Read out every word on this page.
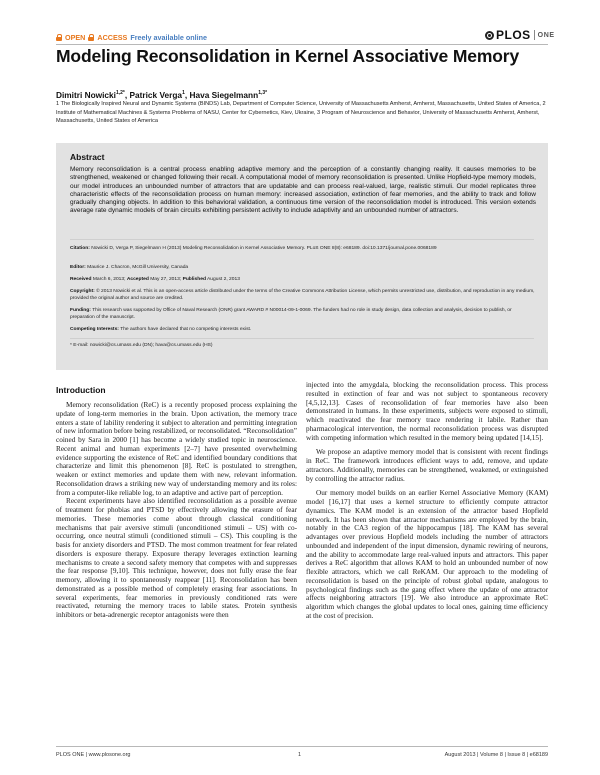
OPEN ACCESS Freely available online	PLOS ONE
Modeling Reconsolidation in Kernel Associative Memory
Dimitri Nowicki$^{1,2*}$, Patrick Verga$^1$, Hava Siegelmann$^{1,3*}$

1 The Biologically Inspired Neural and Dynamic Systems (BINDS) Lab, Department of Computer Science, University of Massachusetts Amherst, Amherst, Massachusetts, United States of America, 2 Institute of Mathematical Machines & Systems Problems of NASU, Center for Cybernetics, Kiev, Ukraine, 3 Program of Neuroscience and Behavior, University of Massachusetts Amherst, Amherst, Massachusetts, United States of America

Abstract

Memory reconsolidation is a central process enabling adaptive memory and the perception of a constantly changing reality. It causes memories to be strengthened, weakened or changed following their recall. A computational model of memory reconsolidation is presented. Unlike Hopfield-type memory models, our model introduces an unbounded number of attractors that are updatable and can process real-valued, large, realistic stimuli. Our model replicates three characteristic effects of the reconsolidation process on human memory: increased association, extinction of fear memories, and the ability to track and follow gradually changing objects. In addition to this behavioral validation, a continuous time version of the reconsolidation model is introduced. This version extends average rate dynamic models of brain circuits exhibiting persistent activity to include adaptivity and an unbounded number of attractors.

Citation: Nowicki D, Verga P, Siegelmann H (2013) Modeling Reconsolidation in Kernel Associative Memory. PLoS ONE 8(8): e68189. doi:10.1371/journal.pone.0068189

Editor: Maurice J. Chacron, McGill University, Canada

Received March 6, 2013; Accepted May 27, 2013; Published August 2, 2013

Copyright: © 2013 Nowicki et al. This is an open-access article distributed under the terms of the Creative Commons Attribution License, which permits unrestricted use, distribution, and reproduction in any medium, provided the original author and source are credited.

Funding: This research was supported by Office of Naval Research (ONR) grant AWARD # N00014-09-1-0069. The funders had no role in study design, data collection and analysis, decision to publish, or preparation of the manuscript.

Competing Interests: The authors have declared that no competing interests exist.

* E-mail: nowicki@cs.umass.edu (DN); hava@cs.umass.edu (HS)

Introduction

Memory reconsolidation (ReC) is a recently proposed process explaining the update of long-term memories in the brain. Upon activation, the memory trace enters a state of lability rendering it subject to alteration and permitting integration of new information before being restabilized, or reconsolidated. “Reconsolidation” coined by Sara in 2000 [1] has become a widely studied topic in neuroscience. Recent animal and human experiments [2–7] have presented overwhelming evidence supporting the existence of ReC and identified boundary conditions that characterize and limit this phenomenon [8]. ReC is postulated to strengthen, weaken or extinct memories and update them with new, relevant information. Reconsolidation draws a striking new way of understanding memory and its roles: from a computer-like reliable log, to an adaptive and active part of perception.

Recent experiments have also identified reconsolidation as a possible avenue of treatment for phobias and PTSD by effectively allowing the erasure of fear memories. These memories come about through classical conditioning mechanisms that pair aversive stimuli (unconditioned stimuli – US) with co-occurring, once neutral stimuli (conditioned stimuli – CS). This coupling is the basis for anxiety disorders and PTSD. The most common treatment for fear related disorders is exposure therapy. Exposure therapy leverages extinction learning mechanisms to create a second safety memory that competes with and suppresses the fear response [9,10]. This technique, however, does not fully erase the fear memory, allowing it to spontaneously reappear [11]. Reconsolidation has been demonstrated as a possible method of completely erasing fear associations. In several experiments, fear memories in previously conditioned rats were reactivated, returning the memory traces to labile states. Protein synthesis inhibitors or beta-adrenergic receptor antagonists were then

injected into the amygdala, blocking the reconsolidation process. This process resulted in extinction of fear and was not subject to spontaneous recovery [4,5,12,13]. Cases of reconsolidation of fear memories have also been demonstrated in humans. In these experiments, subjects were exposed to stimuli, which reactivated the fear memory trace rendering it labile. Rather than pharmacological intervention, the normal reconsolidation process was disrupted with competing information which resulted in the memory being updated [14,15].

We propose an adaptive memory model that is consistent with recent findings in ReC. The framework introduces efficient ways to add, remove, and update attractors. Additionally, memories can be strengthened, weakened, or extinguished by controlling the attractor radius.

Our memory model builds on an earlier Kernel Associative Memory (KAM) model [16,17] that uses a kernel structure to efficiently compute attractor dynamics. The KAM model is an extension of the attractor based Hopfield network. It has been shown that attractor mechanisms are employed by the brain, notably in the CA3 region of the hippocampus [18]. The KAM has several advantages over previous Hopfield models including the number of attractors unbounded and independent of the input dimension, dynamic rewiring of neurons, and the ability to accommodate large real-valued inputs and attractors. This paper derives a ReC algorithm that allows KAM to hold an unbounded number of now flexible attractors, which we call ReKAM. Our approach to the modeling of reconsolidation is based on the principle of robust global update, analogous to psychological findings such as the gang effect where the update of one attractor affects neighboring attractors [19]. We also introduce an approximate ReC algorithm which changes the global updates to local ones, gaining time efficiency at the cost of precision.

PLOS ONE | www.plosone.org	1	August 2013 | Volume 8 | Issue 8 | e68189
